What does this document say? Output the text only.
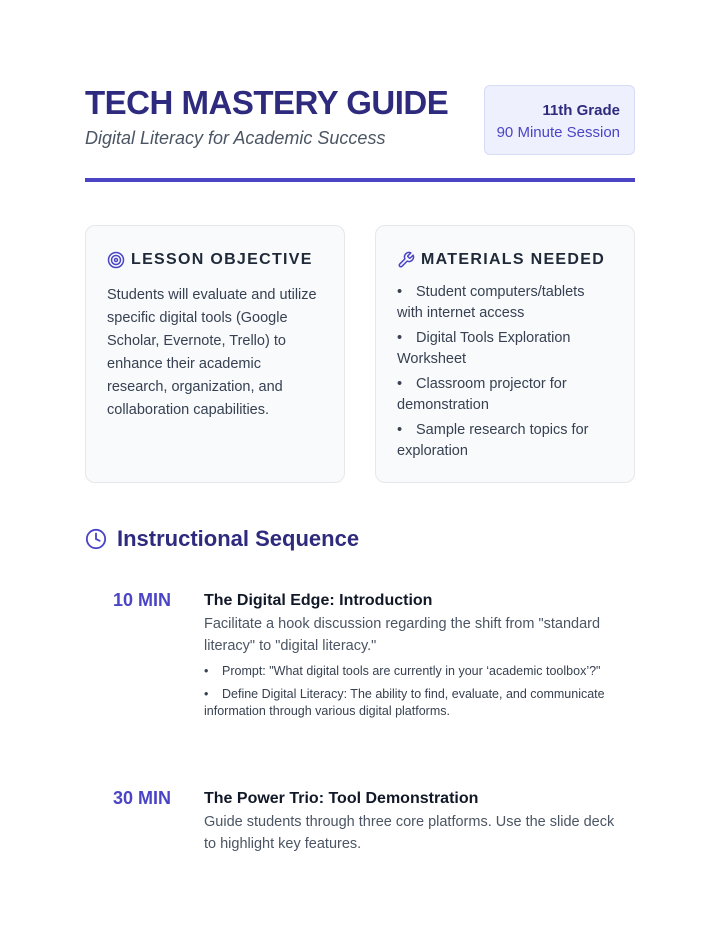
TECH MASTERY GUIDE
Digital Literacy for Academic Success
11th Grade
90 Minute Session
LESSON OBJECTIVE
Students will evaluate and utilize specific digital tools (Google Scholar, Evernote, Trello) to enhance their academic research, organization, and collaboration capabilities.
MATERIALS NEEDED
• Student computers/tablets with internet access
• Digital Tools Exploration Worksheet
• Classroom projector for demonstration
• Sample research topics for exploration
Instructional Sequence
10 MIN The Digital Edge: Introduction
Facilitate a hook discussion regarding the shift from "standard literacy" to "digital literacy."
• Prompt: "What digital tools are currently in your ‘academic toolbox’?"
• Define Digital Literacy: The ability to find, evaluate, and communicate information through various digital platforms.
30 MIN The Power Trio: Tool Demonstration
Guide students through three core platforms. Use the slide deck to highlight key features.
